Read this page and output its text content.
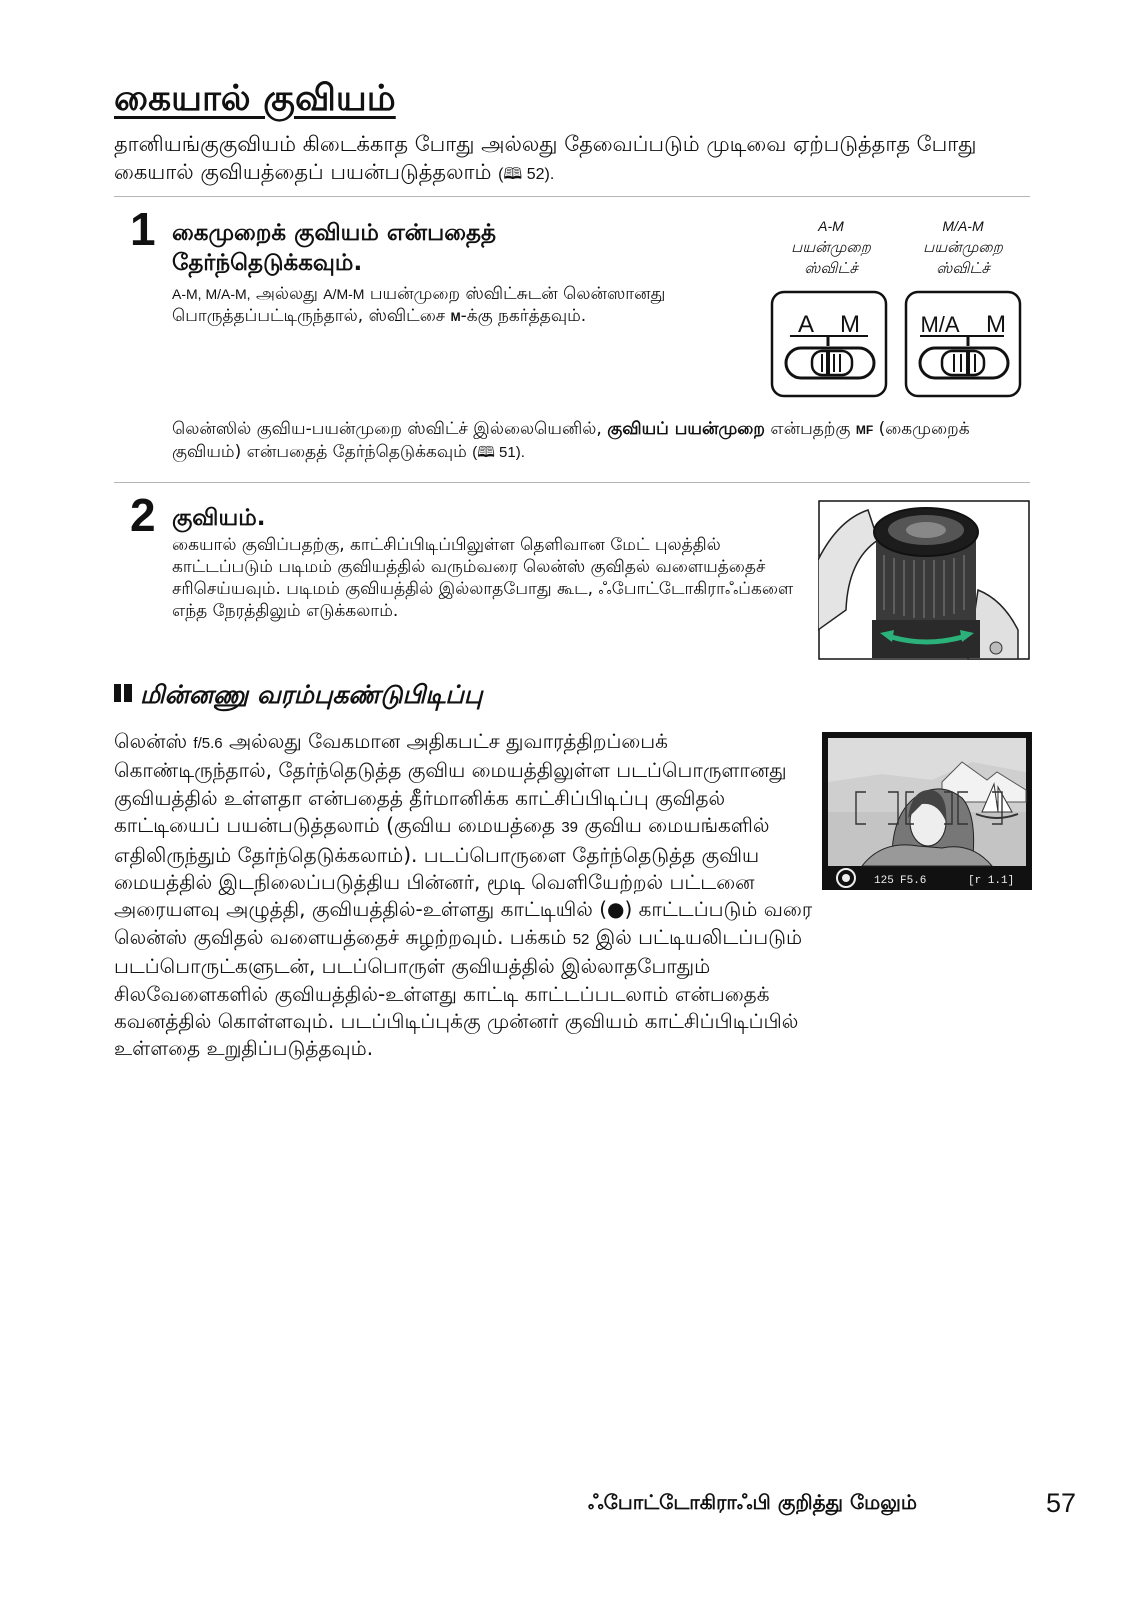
கையால் குவியம்
தானியங்குகுவியம் கிடைக்காத போது அல்லது தேவைப்படும் முடிவை ஏற்படுத்தாத போது கையால் குவியத்தைப் பயன்படுத்தலாம் (🕮 52).
1 கைமுறைக் குவியம் என்பதைத் தேர்ந்தெடுக்கவும்.
A-M, M/A-M, அல்லது A/M-M பயன்முறை ஸ்விட்சுடன் லென்ஸானது பொருத்தப்பட்டிருந்தால், ஸ்விட்சை M-க்கு நகர்த்தவும்.
A-M
பயன்முறை
ஸ்விட்ச்
M/A-M
பயன்முறை
ஸ்விட்ச்
A M	M/A M
லென்ஸில் குவிய-பயன்முறை ஸ்விட்ச் இல்லையெனில், குவியப் பயன்முறை என்பதற்கு MF (கைமுறைக் குவியம்) என்பதைத் தேர்ந்தெடுக்கவும் (🕮 51).
2 குவியம்.
கையால் குவிப்பதற்கு, காட்சிப்பிடிப்பிலுள்ள தெளிவான மேட் புலத்தில் காட்டப்படும் படிமம் குவியத்தில் வரும்வரை லென்ஸ் குவிதல் வளையத்தைச் சரிசெய்யவும். படிமம் குவியத்தில் இல்லாதபோது கூட, ஃபோட்டோகிராஃப்களை எந்த நேரத்திலும் எடுக்கலாம்.
மின்னணு வரம்புகண்டுபிடிப்பு
லென்ஸ் f/5.6 அல்லது வேகமான அதிகபட்ச துவாரத்திறப்பைக் கொண்டிருந்தால், தேர்ந்தெடுத்த குவிய மையத்திலுள்ள படப்பொருளானது குவியத்தில் உள்ளதா என்பதைத் தீர்மானிக்க காட்சிப்பிடிப்பு குவிதல் காட்டியைப் பயன்படுத்தலாம் (குவிய மையத்தை 39 குவிய மையங்களில் எதிலிருந்தும் தேர்ந்தெடுக்கலாம்). படப்பொருளை தேர்ந்தெடுத்த குவிய மையத்தில் இடநிலைப்படுத்திய பின்னர், மூடி வெளியேற்றல் பட்டனை அரையளவு அழுத்தி, குவியத்தில்-உள்ளது காட்டியில் (●) காட்டப்படும் வரை லென்ஸ் குவிதல் வளையத்தைச் சுழற்றவும். பக்கம் 52 இல் பட்டியலிடப்படும் படப்பொருட்களுடன், படப்பொருள் குவியத்தில் இல்லாதபோதும் சிலவேளைகளில் குவியத்தில்-உள்ளது காட்டி காட்டப்படலாம் என்பதைக் கவனத்தில் கொள்ளவும். படப்பிடிப்புக்கு முன்னர் குவியம் காட்சிப்பிடிப்பில் உள்ளதை உறுதிப்படுத்தவும்.
125 F5.6	[r 1.1]
ஃபோட்டோகிராஃபி குறித்து மேலும்	57
